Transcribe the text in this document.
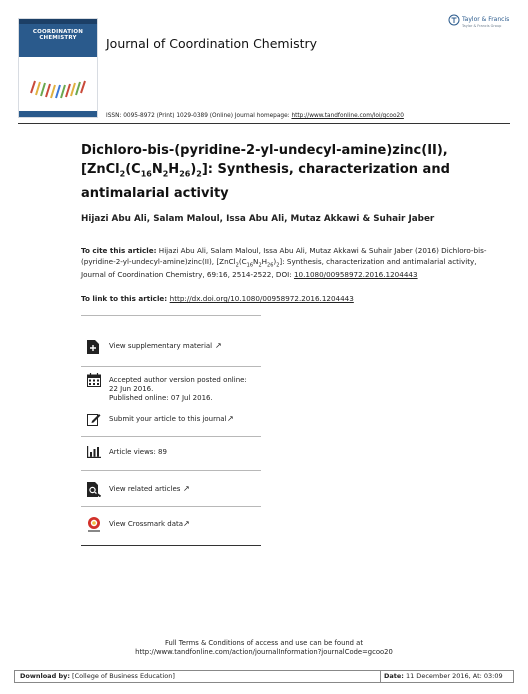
COORDINATION
CHEMISTRY	Journal of Coordination Chemistry
Taylor & Francis
Taylor & Francis Group
ISSN: 0095-8972 (Print) 1029-0389 (Online) Journal homepage: http://www.tandfonline.com/loi/gcoo20
Dichloro-bis-(pyridine-2-yl-undecyl-amine)zinc(II),
$[ZnCl_2(C_{16}N_2H_{26})_2]$: Synthesis, characterization and
antimalarial activity
Hijazi Abu Ali, Salam Maloul, Issa Abu Ali, Mutaz Akkawi & Suhair Jaber
To cite this article: Hijazi Abu Ali, Salam Maloul, Issa Abu Ali, Mutaz Akkawi & Suhair Jaber (2016) Dichloro-bis-(pyridine-2-yl-undecyl-amine)zinc(II), $[ZnCl_2(C_{16}N_2H_{26})_2]$: Synthesis, characterization and antimalarial activity, Journal of Coordination Chemistry, 69:16, 2514-2522, DOI: 10.1080/00958972.2016.1204443
To link to this article: http://dx.doi.org/10.1080/00958972.2016.1204443
View supplementary material ↗
Accepted author version posted online: 22 Jun 2016.
Published online: 07 Jul 2016.
Submit your article to this journal ↗
Article views: 89
View related articles ↗
View Crossmark data ↗
Full Terms & Conditions of access and use can be found at
http://www.tandfonline.com/action/journalInformation?journalCode=gcoo20
Download by: [College of Business Education]	Date: 11 December 2016, At: 03:09
